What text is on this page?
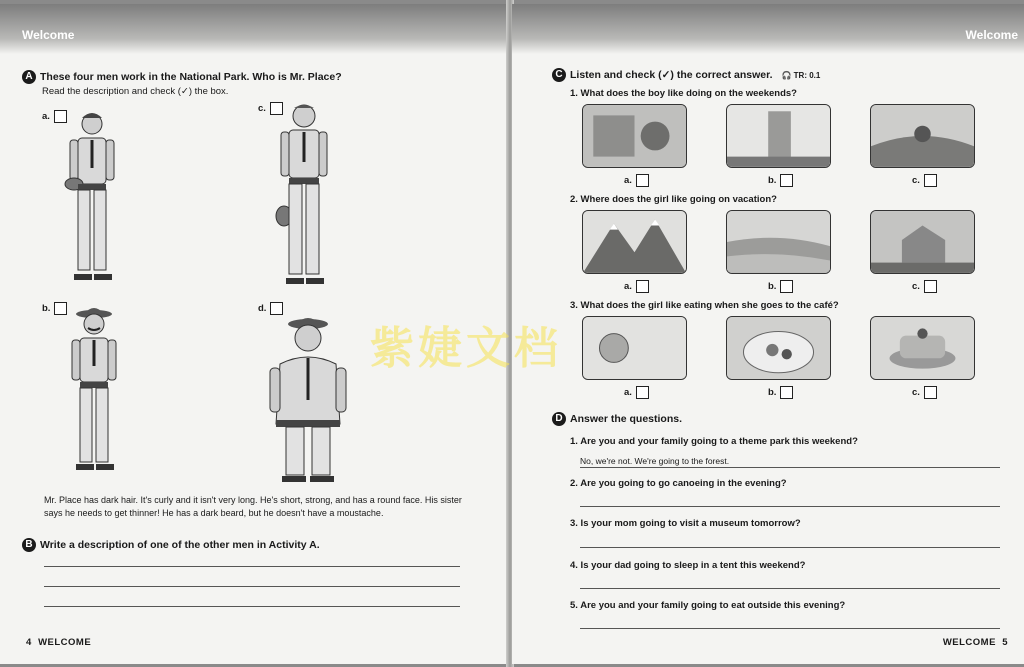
Welcome
A These four men work in the National Park. Who is Mr. Place?
Read the description and check (✓) the box.
a.
c.
b.	d.
Mr. Place has dark hair. It's curly and it isn't very long. He's short, strong, and has a round face. His sister says he needs to get thinner! He has a dark beard, but he doesn't have a moustache.
B Write a description of one of the other men in Activity A.
4 WELCOME
Welcome
C Listen and check (✓) the correct answer. 🎧 TR: 0.1
1. What does the boy like doing on the weekends?
a.	b.	c.
2. Where does the girl like going on vacation?
a.	b.	c.
3. What does the girl like eating when she goes to the café?
a.	b.	c.
D Answer the questions.
1. Are you and your family going to a theme park this weekend?
No, we're not. We're going to the forest.
2. Are you going to go canoeing in the evening?
3. Is your mom going to visit a museum tomorrow?
4. Is your dad going to sleep in a tent this weekend?
5. Are you and your family going to eat outside this evening?
WELCOME 5
紫婕文档
